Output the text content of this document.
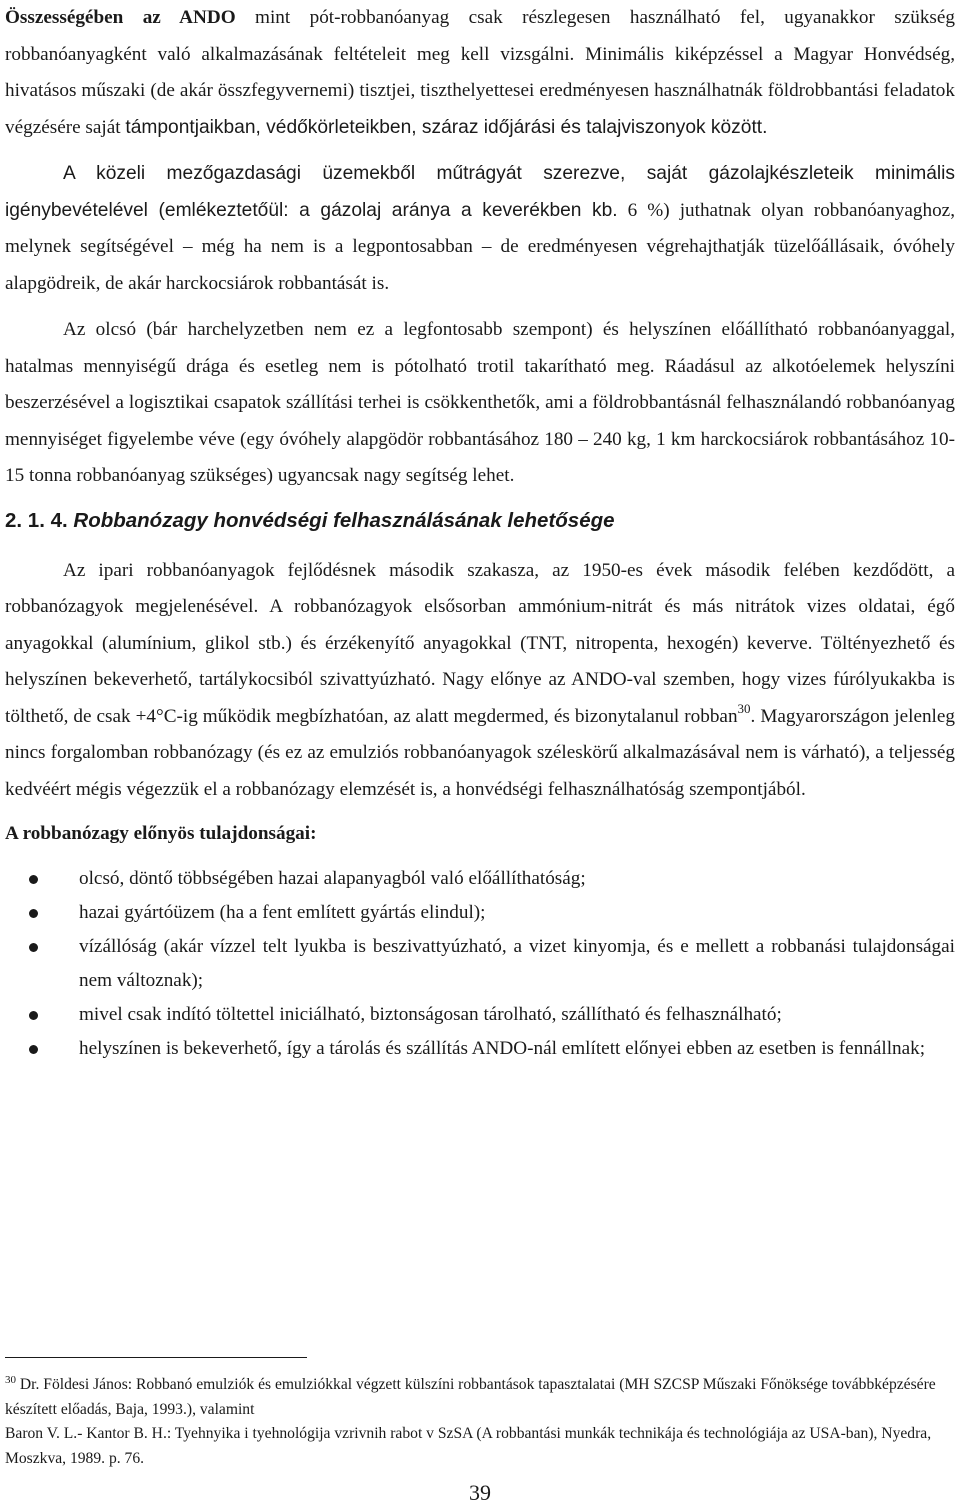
Összességében az ANDO mint pót-robbanóanyag csak részlegesen használható fel, ugyanakkor szükség robbanóanyagként való alkalmazásának feltételeit meg kell vizsgálni. Minimális kiképzéssel a Magyar Honvédség, hivatásos műszaki (de akár összfegyvernemi) tisztjei, tiszthelyettesei eredményesen használhatnák földrobbantási feladatok végzésére saját támpontjaikban, védőkörleteikben, száraz időjárási és talajviszonyok között.

A közeli mezőgazdasági üzemekből műtrágyát szerezve, saját gázolajkészleteik minimális igénybevételével (emlékeztetőül: a gázolaj aránya a keverékben kb. 6 %) juthatnak olyan robbanóanyaghoz, melynek segítségével – még ha nem is a legpontosabban – de eredményesen végrehajthatják tüzelőállásaik, óvóhely alapgödreik, de akár harckocsiárok robbantását is.

Az olcsó (bár harchelyzetben nem ez a legfontosabb szempont) és helyszínen előállítható robbanóanyaggal, hatalmas mennyiségű drága és esetleg nem is pótolható trotil takarítható meg. Ráadásul az alkotóelemek helyszíni beszerzésével a logisztikai csapatok szállítási terhei is csökkenthetők, ami a földrobbantásnál felhasználandó robbanóanyag mennyiséget figyelembe véve (egy óvóhely alapgödör robbantásához 180 – 240 kg, 1 km harckocsiárok robbantásához 10-15 tonna robbanóanyag szükséges) ugyancsak nagy segítség lehet.

2. 1. 4. Robbanózagy honvédségi felhasználásának lehetősége

Az ipari robbanóanyagok fejlődésnek második szakasza, az 1950-es évek második felében kezdődött, a robbanózagyok megjelenésével. A robbanózagyok elsősorban ammónium-nitrát és más nitrátok vizes oldatai, égő anyagokkal (alumínium, glikol stb.) és érzékenyítő anyagokkal (TNT, nitropenta, hexogén) keverve. Töltényezhető és helyszínen bekeverhető, tartálykocsiból szivattyúzható. Nagy előnye az ANDO-val szemben, hogy vizes fúrólyukakba is tölthető, de csak +4°C-ig működik megbízhatóan, az alatt megdermed, és bizonytalanul robban$^{30}$. Magyarországon jelenleg nincs forgalomban robbanózagy (és ez az emulziós robbanóanyagok széleskörű alkalmazásával nem is várható), a teljesség kedvéért mégis végezzük el a robbanózagy elemzését is, a honvédségi felhasználhatóság szempontjából.

A robbanózagy előnyös tulajdonságai:
olcsó, döntő többségében hazai alapanyagból való előállíthatóság;
hazai gyártóüzem (ha a fent említett gyártás elindul);
vízállóság (akár vízzel telt lyukba is beszivattyúzható, a vizet kinyomja, és e mellett a robbanási tulajdonságai nem változnak);
mivel csak indító töltettel iniciálható, biztonságosan tárolható, szállítható és felhasználható;
helyszínen is bekeverhető, így a tárolás és szállítás ANDO-nál említett előnyei ebben az esetben is fennállnak;
$^{30}$ Dr. Földesi János: Robbanó emulziók és emulziókkal végzett külszíni robbantások tapasztalatai (MH SZCSP Műszaki Főnöksége továbbképzésére készített előadás, Baja, 1993.), valamint
Baron V. L.- Kantor B. H.: Tyehnyika i tyehnológija vzrivnih rabot v SzSA (A robbantási munkák technikája és technológiája az USA-ban), Nyedra, Moszkva, 1989. p. 76.
39
